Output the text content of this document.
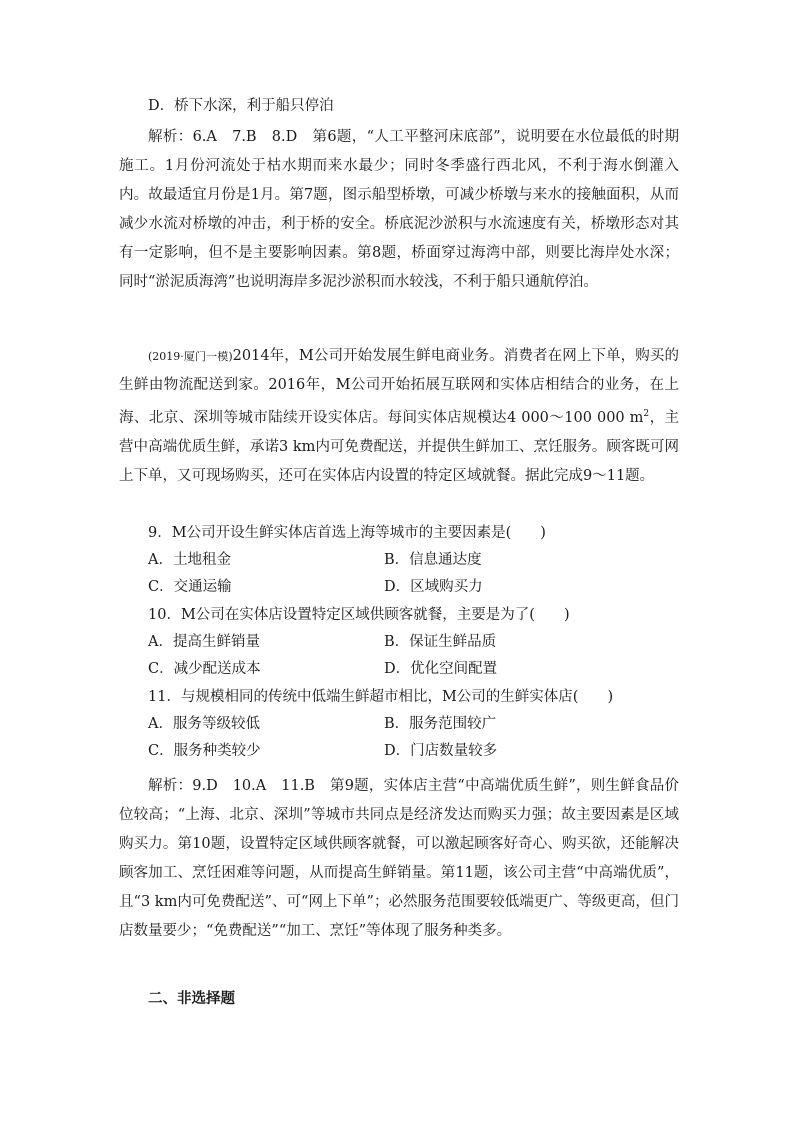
D．桥下水深，利于船只停泊

解析：6.A　7.B　8.D　第6题，“人工平整河床底部”，说明要在水位最低的时期施工。1月份河流处于枯水期而来水最少；同时冬季盛行西北风，不利于海水倒灌入内。故最适宜月份是1月。第7题，图示船型桥墩，可减少桥墩与来水的接触面积，从而减少水流对桥墩的冲击，利于桥的安全。桥底泥沙淤积与水流速度有关，桥墩形态对其有一定影响，但不是主要影响因素。第8题，桥面穿过海湾中部，则要比海岸处水深；同时“淤泥质海湾”也说明海岸多泥沙淤积而水较浅，不利于船只通航停泊。

(2019·厦门一模)2014年，M公司开始发展生鲜电商业务。消费者在网上下单，购买的生鲜由物流配送到家。2016年，M公司开始拓展互联网和实体店相结合的业务，在上海、北京、深圳等城市陆续开设实体店。每间实体店规模达4 000～100 000 $m^2$，主营中高端优质生鲜，承诺3 km内可免费配送，并提供生鲜加工、烹饪服务。顾客既可网上下单，又可现场购买，还可在实体店内设置的特定区域就餐。据此完成9～11题。

9．M公司开设生鲜实体店首选上海等城市的主要因素是(　　)
A．土地租金	B．信息通达度
C．交通运输	D．区域购买力
10．M公司在实体店设置特定区域供顾客就餐，主要是为了(　　)
A．提高生鲜销量	B．保证生鲜品质
C．减少配送成本	D．优化空间配置
11．与规模相同的传统中低端生鲜超市相比，M公司的生鲜实体店(　　)
A．服务等级较低	B．服务范围较广
C．服务种类较少	D．门店数量较多

解析：9.D　10.A　11.B　第9题，实体店主营“中高端优质生鲜”，则生鲜食品价位较高；“上海、北京、深圳”等城市共同点是经济发达而购买力强；故主要因素是区域购买力。第10题，设置特定区域供顾客就餐，可以激起顾客好奇心、购买欲，还能解决顾客加工、烹饪困难等问题，从而提高生鲜销量。第11题，该公司主营“中高端优质”，且“3 km内可免费配送”、可“网上下单”；必然服务范围要较低端更广、等级更高，但门店数量要少；“免费配送”“加工、烹饪”等体现了服务种类多。

二、非选择题
